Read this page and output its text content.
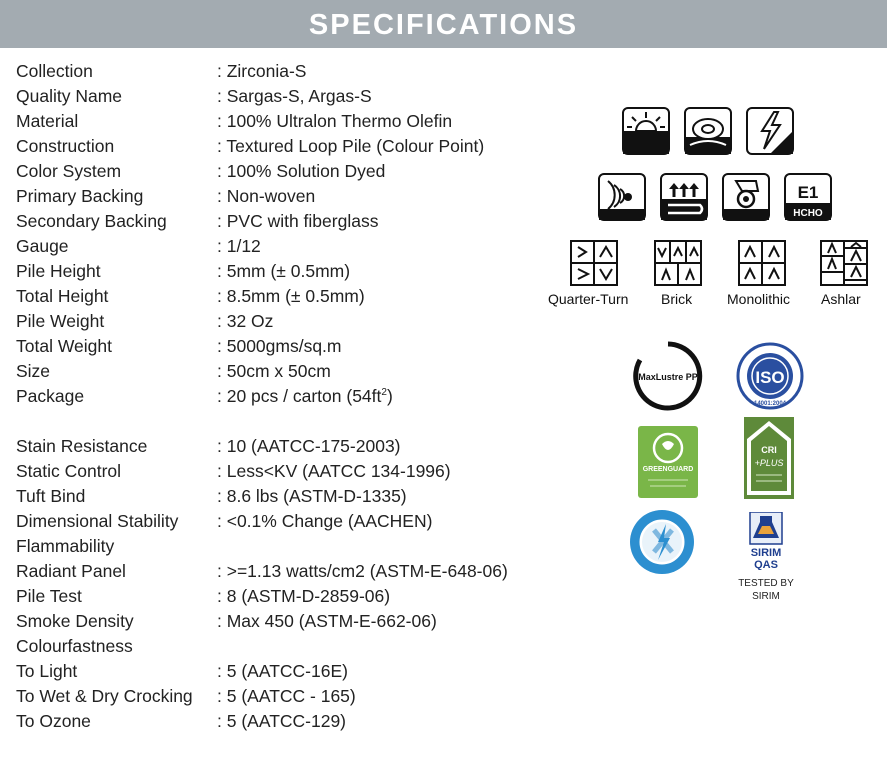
SPECIFICATIONS
Collection	: Zirconia-S
Quality Name	: Sargas-S, Argas-S
Material	: 100% Ultralon Thermo Olefin
Construction	: Textured Loop Pile (Colour Point)
Color System	: 100% Solution Dyed
Primary Backing	: Non-woven
Secondary Backing	: PVC with fiberglass
Gauge	: 1/12
Pile Height	: 5mm (± 0.5mm)
Total Height	: 8.5mm (± 0.5mm)
Pile Weight	: 32 Oz
Total Weight	: 5000gms/sq.m
Size	: 50cm x 50cm
Package	: 20 pcs / carton $(54ft^2)$
Stain Resistance	: 10 (AATCC-175-2003)
Static Control	: Less<KV (AATCC 134-1996)
Tuft Bind	: 8.6 lbs (ASTM-D-1335)
Dimensional Stability : <0.1% Change (AACHEN)
Flammability
Radiant Panel	: >=1.13 watts/cm2 (ASTM-E-648-06)
Pile Test	: 8 (ASTM-D-2859-06)
Smoke Density	: Max 450 (ASTM-E-662-06)
Colourfastness
To Light	: 5 (AATCC-16E)
To Wet & Dry Crocking : 5 (AATCC - 165)
To Ozone	: 5 (AATCC-129)
E1
HCHO
Quarter-Turn Brick Monolithic Ashlar
MaxLustre PP	ISO
14001:2004
GREENGUARD
CRI
+PLUS
SIRIM
QAS
TESTED BY
SIRIM
